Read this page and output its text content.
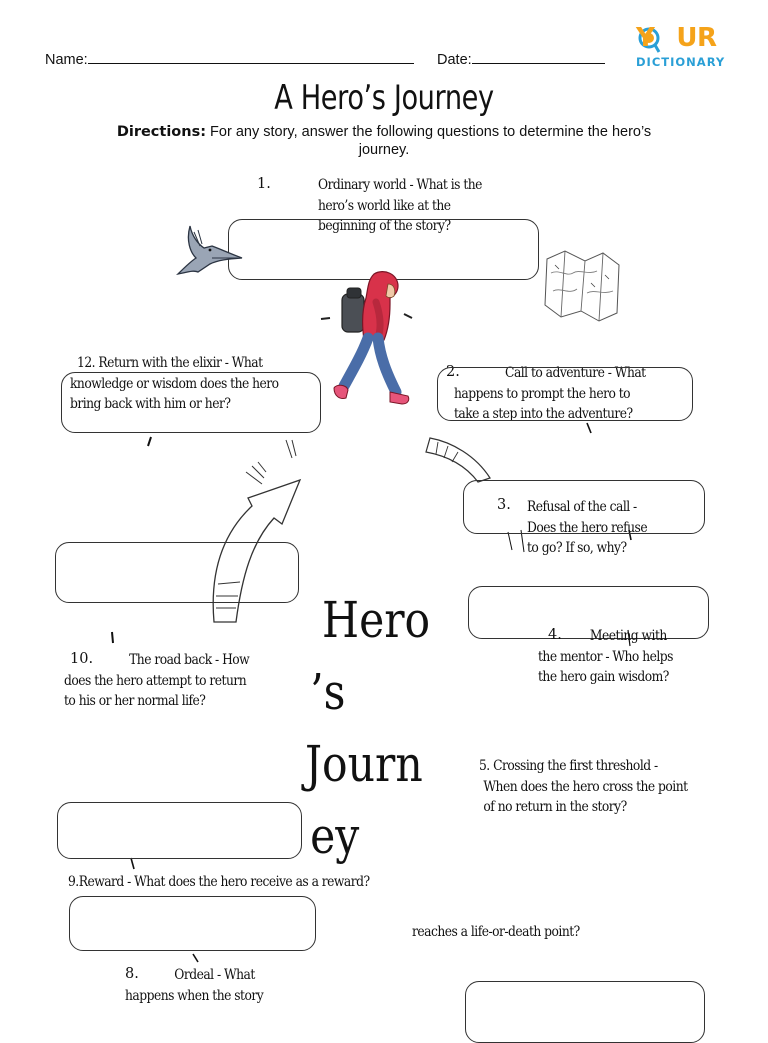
Name:	Date:
Y UR
DICTIONARY
A Hero’s Journey
Directions: For any story, answer the following questions to determine the hero’s journey.
1.	Ordinary world - What is the
hero’s world like at the
beginning of the story?
12. Return with the elixir - What
knowledge or wisdom does the hero
bring back with him or her?
2.	Call to adventure - What
happens to prompt the hero to
take a step into the adventure?
3. Refusal of the call -
Does the hero refuse
to go? If so, why?
Hero
’s
Journ
ey
4.	Meeting with
the mentor - Who helps
the hero gain wisdom?
10.	The road back - How
does the hero attempt to return
to his or her normal life?
5. Crossing the first threshold -
When does the hero cross the point
of no return in the story?
9.Reward - What does the hero receive as a reward?
reaches a life-or-death point?
8.	Ordeal - What
happens when the story
